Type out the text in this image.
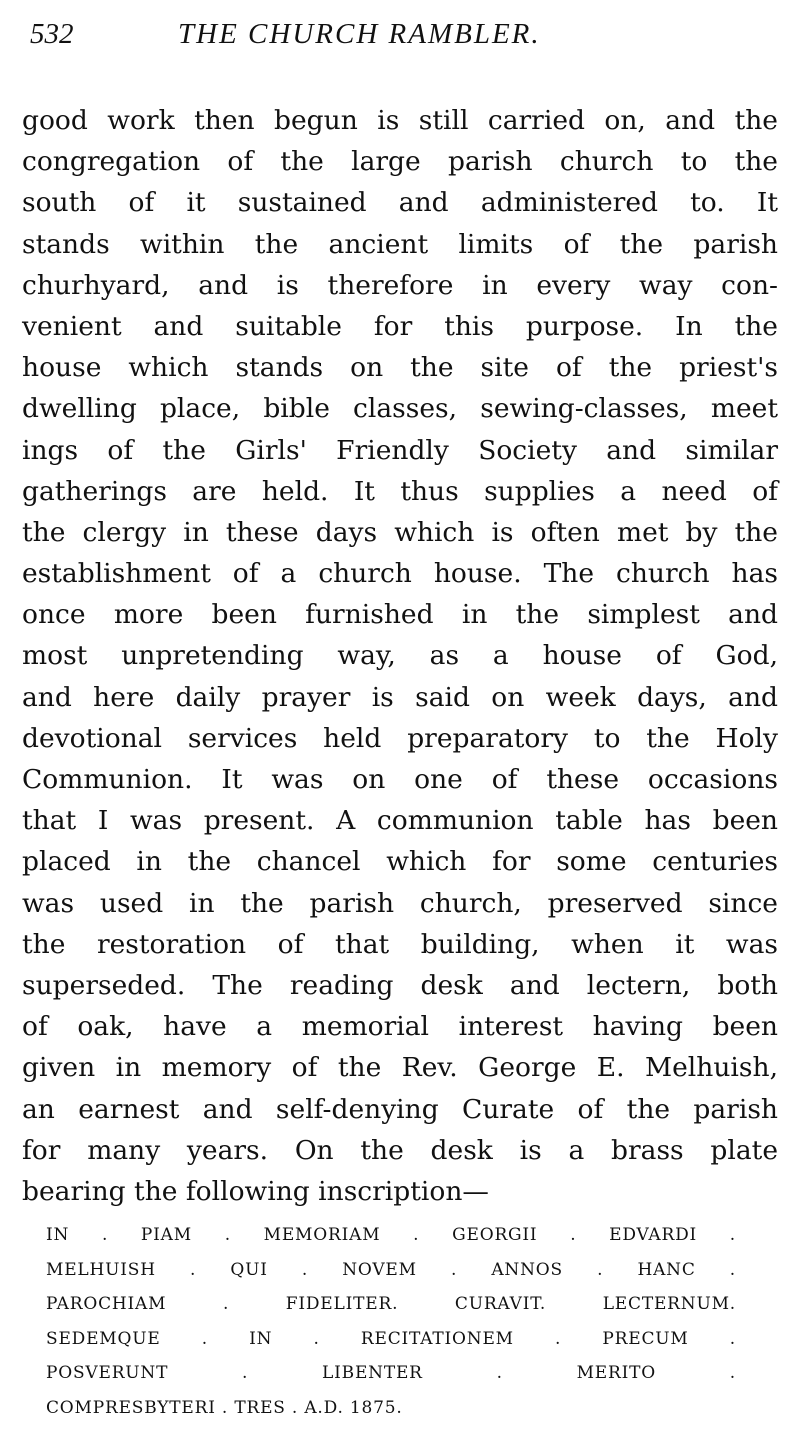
532	THE CHURCH RAMBLER.
good work then begun is still carried on, and the
congregation of the large parish church to the
south of it sustained and administered to. It
stands within the ancient limits of the parish
churhyard, and is therefore in every way con-
venient and suitable for this purpose. In the
house which stands on the site of the priest's
dwelling place, bible classes, sewing-classes, meet
ings of the Girls' Friendly Society and similar
gatherings are held. It thus supplies a need of
the clergy in these days which is often met by the
establishment of a church house. The church has
once more been furnished in the simplest and
most unpretending way, as a house of God,
and here daily prayer is said on week days, and
devotional services held preparatory to the Holy
Communion. It was on one of these occasions
that I was present. A communion table has been
placed in the chancel which for some centuries
was used in the parish church, preserved since
the restoration of that building, when it was
superseded. The reading desk and lectern, both
of oak, have a memorial interest having been
given in memory of the Rev. George E. Melhuish,
an earnest and self-denying Curate of the parish
for many years. On the desk is a brass plate
bearing the following inscription—
IN . PIAM . MEMORIAM . GEORGII . EDVARDI .
MELHUISH . QUI . NOVEM . ANNOS . HANC .
PAROCHIAM . FIDELITER. CURAVIT. LECTERNUM.
SEDEMQUE . IN . RECITATIONEM . PRECUM .
POSVERUNT . LIBENTER . MERITO .
COMPRESBYTERI . TRES . A.D. 1875.
